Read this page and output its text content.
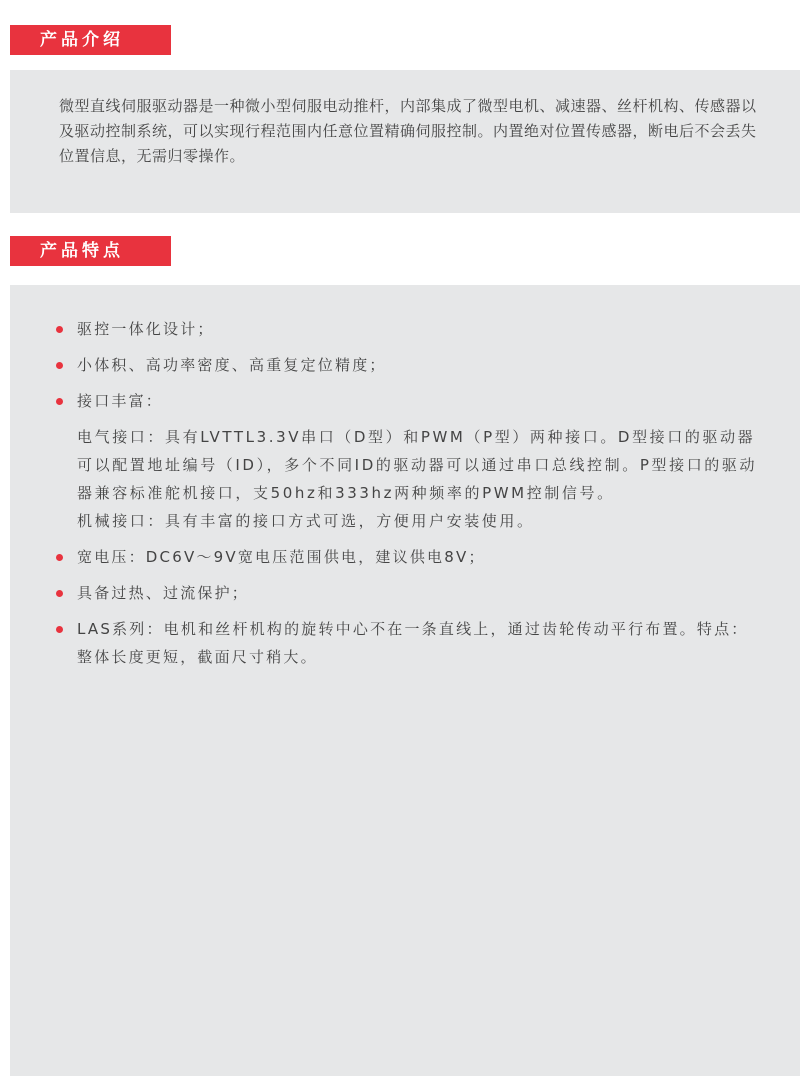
产品介绍
微型直线伺服驱动器是一种微小型伺服电动推杆，内部集成了微型电机、减速器、丝杆机构、传感器以及驱动控制系统，可以实现行程范围内任意位置精确伺服控制。内置绝对位置传感器，断电后不会丢失位置信息，无需归零操作。
产品特点
驱控一体化设计；
小体积、高功率密度、高重复定位精度；
接口丰富：
电气接口：具有LVTTL3.3V串口（D型）和PWM（P型）两种接口。D型接口的驱动器可以配置地址编号（ID），多个不同ID的驱动器可以通过串口总线控制。P型接口的驱动器兼容标准舵机接口，支50hz和333hz两种频率的PWM控制信号。
机械接口：具有丰富的接口方式可选，方便用户安装使用。
宽电压：DC6V～9V宽电压范围供电，建议供电8V；
具备过热、过流保护；
LAS系列：电机和丝杆机构的旋转中心不在一条直线上，通过齿轮传动平行布置。特点：整体长度更短，截面尺寸稍大。
